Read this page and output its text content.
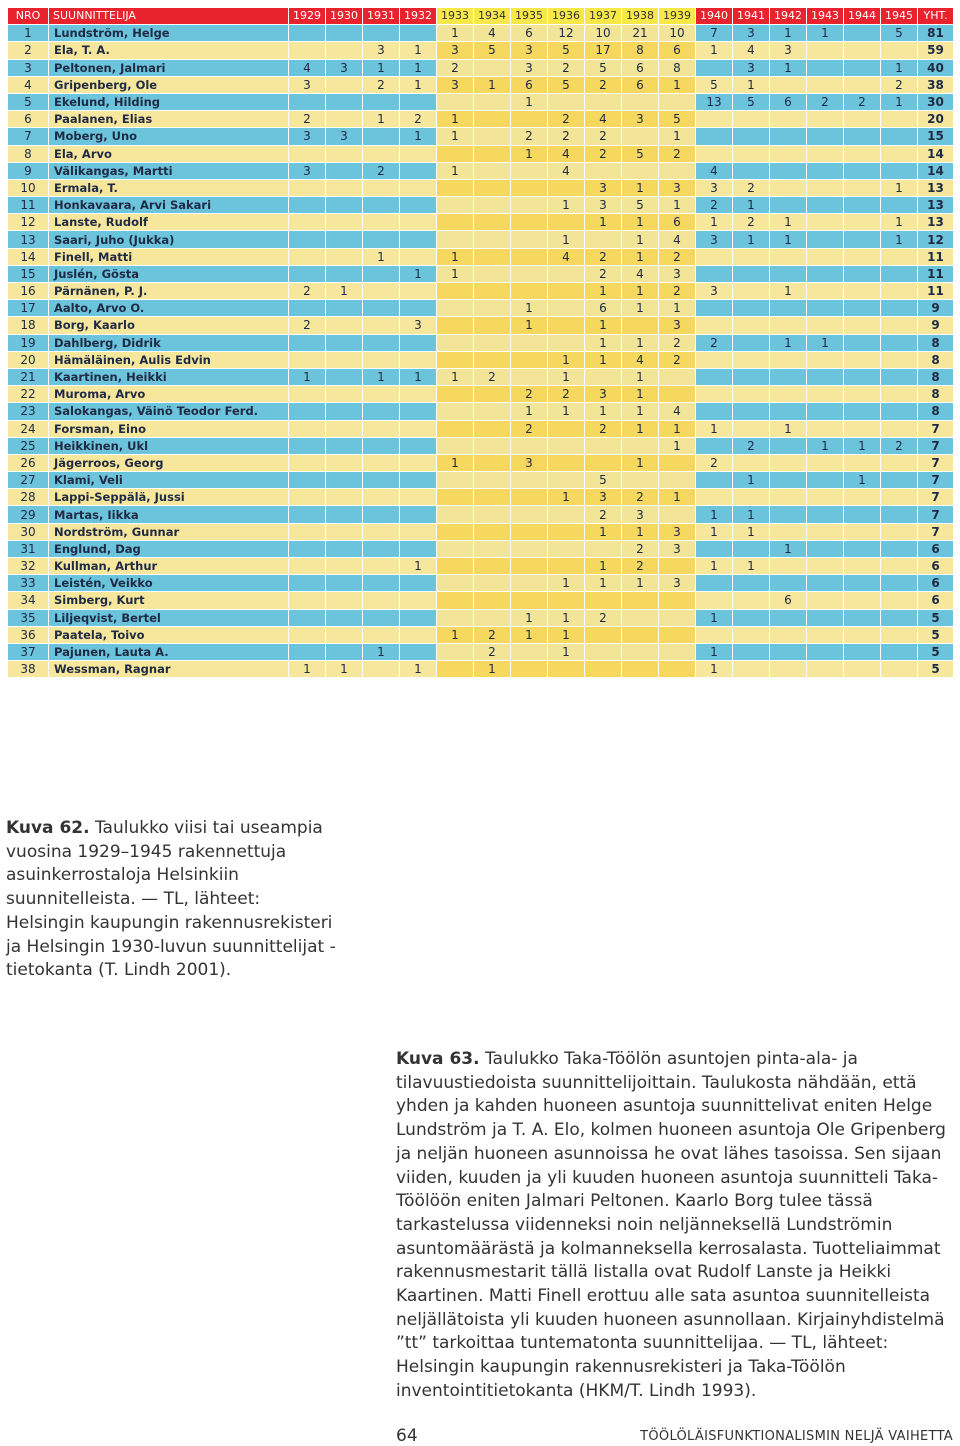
NRO	SUUNNITTELIJA	1929	1930	1931	1932	1933	1934	1935	1936	1937	1938	1939	1940	1941	1942	1943	1944	1945	YHT.
1	Lundström, Helge					1	4	6	12	10	21	10	7	3	1	1		5	81
2	Ela, T. A.			3	1	3	5	3	5	17	8	6	1	4	3				59
3	Peltonen, Jalmari	4	3	1	1	2		3	2	5	6	8		3	1			1	40
4	Gripenberg, Ole	3		2	1	3	1	6	5	2	6	1	5	1				2	38
5	Ekelund, Hilding							1					13	5	6	2	2	1	30
6	Paalanen, Elias	2		1	2	1			2	4	3	5							20
7	Moberg, Uno	3	3		1	1		2	2	2		1							15
8	Ela, Arvo							1	4	2	5	2							14
9	Välikangas, Martti	3		2		1			4				4						14
10	Ermala, T.									3	1	3	3	2				1	13
11	Honkavaara, Arvi Sakari								1	3	5	1	2	1					13
12	Lanste, Rudolf									1	1	6	1	2	1			1	13
13	Saari, Juho (Jukka)								1		1	4	3	1	1			1	12
14	Finell, Matti			1		1			4	2	1	2							11
15	Juslén, Gösta				1	1				2	4	3							11
16	Pärnänen, P. J.	2	1							1	1	2	3		1				11
17	Aalto, Arvo O.							1		6	1	1							9
18	Borg, Kaarlo	2			3			1		1		3							9
19	Dahlberg, Didrik									1	1	2	2		1	1			8
20	Hämäläinen, Aulis Edvin								1	1	4	2							8
21	Kaartinen, Heikki	1		1	1	1	2		1		1								8
22	Muroma, Arvo							2	2	3	1								8
23	Salokangas, Väinö Teodor Ferd.							1	1	1	1	4							8
24	Forsman, Eino							2		2	1	1	1		1				7
25	Heikkinen, Ukl											1		2		1	1	2	7
26	Jägerroos, Georg					1		3			1		2						7
27	Klami, Veli									5				1			1		7
28	Lappi-Seppälä, Jussi								1	3	2	1							7
29	Martas, Iikka									2	3		1	1					7
30	Nordström, Gunnar									1	1	3	1	1					7
31	Englund, Dag										2	3			1				6
32	Kullman, Arthur				1					1	2		1	1					6
33	Leistén, Veikko								1	1	1	3							6
34	Simberg, Kurt														6				6
35	Liljeqvist, Bertel							1	1	2			1						5
36	Paatela, Toivo					1	2	1	1										5
37	Pajunen, Lauta A.			1			2		1				1						5
38	Wessman, Ragnar	1	1		1		1						1						5
Kuva 62. Taulukko viisi tai useampia vuosina 1929–1945 rakennettuja asuinkerrostaloja Helsinkiin suunnitelleista. — TL, lähteet: Helsingin kaupungin rakennusrekisteri ja Helsingin 1930-luvun suunnittelijat -tietokanta (T. Lindh 2001).
Kuva 63. Taulukko Taka-Töölön asuntojen pinta-ala- ja tilavuustiedoista suunnittelijoittain. Taulukosta nähdään, että yhden ja kahden huoneen asuntoja suunnittelivat eniten Helge Lundström ja T. A. Elo, kolmen huoneen asuntoja Ole Gripenberg ja neljän huoneen asunnoissa he ovat lähes tasoissa. Sen sijaan viiden, kuuden ja yli kuuden huoneen asuntoja suunnitteli Taka-Töölöön eniten Jalmari Peltonen. Kaarlo Borg tulee tässä tarkastelussa viidenneksi noin neljänneksellä Lundströmin asuntomäärästä ja kolmanneksella kerrosalasta. Tuotteliaimmat rakennusmestarit tällä listalla ovat Rudolf Lanste ja Heikki Kaartinen. Matti Finell erottuu alle sata asuntoa suunnitelleista neljällätoista yli kuuden huoneen asunnollaan. Kirjainyhdistelmä ”tt” tarkoittaa tuntematonta suunnittelijaa. — TL, lähteet: Helsingin kaupungin rakennusrekisteri ja Taka-Töölön inventointitietokanta (HKM/T. Lindh 1993).
64	TÖÖLÖLÄISFUNKTIONALISMIN NELJÄ VAIHETTA
